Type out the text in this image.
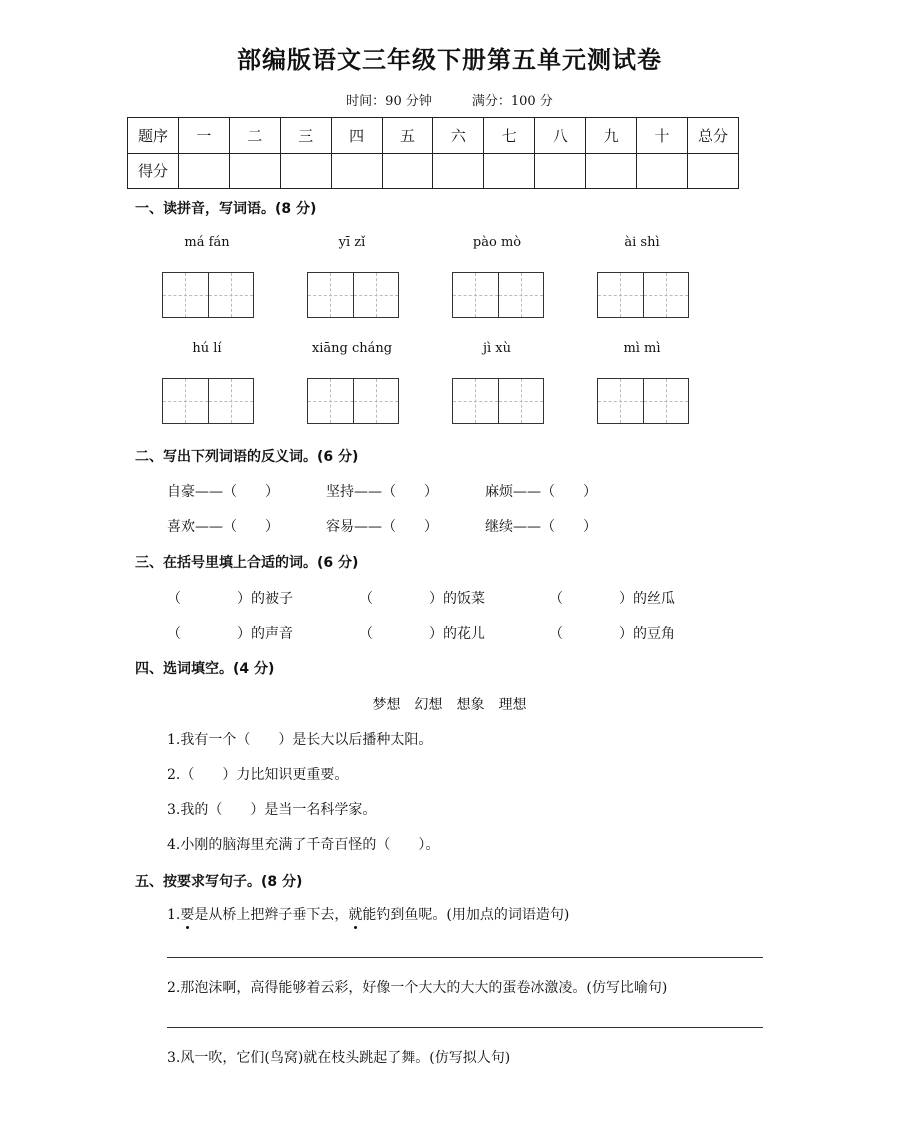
部编版语文三年级下册第五单元测试卷
时间：90 分钟	满分：100 分
题序	一	二	三	四	五	六	七	八	九	十	总分
得分											
一、读拼音，写词语。(8 分)
má fán	yī zǐ	pào mò	ài shì
hú lí	xiāng cháng	jì xù	mì mì
二、写出下列词语的反义词。(6 分)
自豪——（　　）	坚持——（　　）	麻烦——（　　）
喜欢——（　　）	容易——（　　）	继续——（　　）
三、在括号里填上合适的词。(6 分)
（　　　　）的被子	（　　　　）的饭菜	（　　　　）的丝瓜
（　　　　）的声音	（　　　　）的花儿	（　　　　）的豆角
四、选词填空。(4 分)
梦想　幻想　想象　理想
1.我有一个（　　）是长大以后播种太阳。
2.（　　）力比知识更重要。
3.我的（　　）是当一名科学家。
4.小刚的脑海里充满了千奇百怪的（　　）。
五、按要求写句子。(8 分)
1.要是从桥上把辫子垂下去，就能钓到鱼呢。(用加点的词语造句)
2.那泡沫啊，高得能够着云彩，好像一个大大的大大的蛋卷冰激凌。(仿写比喻句)
3.风一吹，它们(鸟窝)就在枝头跳起了舞。(仿写拟人句)
